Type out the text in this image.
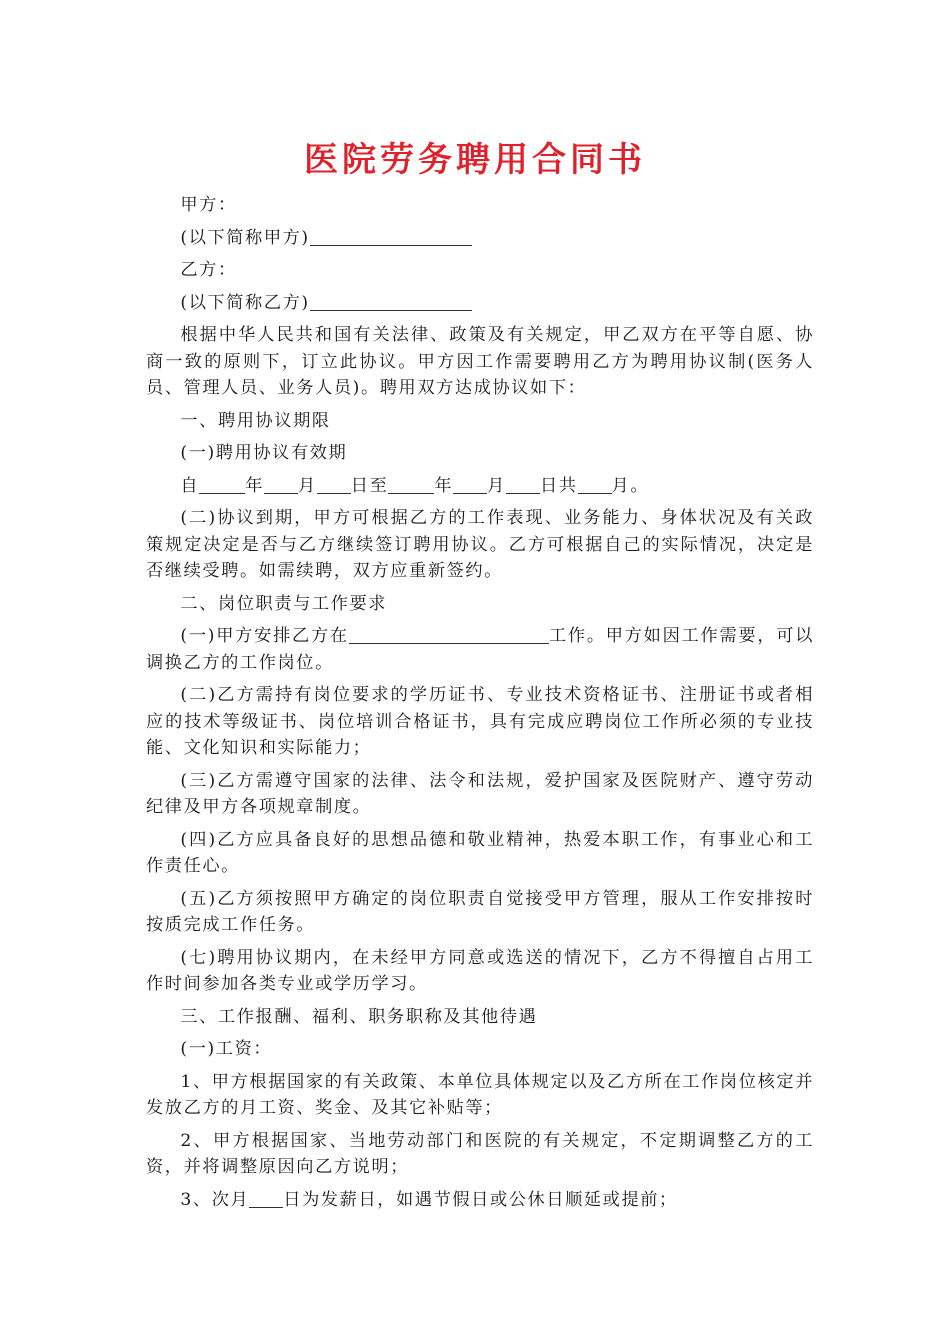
医院劳务聘用合同书

甲方：

(以下简称甲方)

乙方：

(以下简称乙方)

根据中华人民共和国有关法律、政策及有关规定，甲乙双方在平等自愿、协商一致的原则下，订立此协议。甲方因工作需要聘用乙方为聘用协议制(医务人员、管理人员、业务人员)。聘用双方达成协议如下：

一、聘用协议期限

(一)聘用协议有效期

自	年 月 日至	年 月 日共 月。

(二)协议到期，甲方可根据乙方的工作表现、业务能力、身体状况及有关政策规定决定是否与乙方继续签订聘用协议。乙方可根据自己的实际情况，决定是否继续受聘。如需续聘，双方应重新签约。

二、岗位职责与工作要求

(一)甲方安排乙方在	工作。甲方如因工作需要，可以调换乙方的工作岗位。

(二)乙方需持有岗位要求的学历证书、专业技术资格证书、注册证书或者相应的技术等级证书、岗位培训合格证书，具有完成应聘岗位工作所必须的专业技能、文化知识和实际能力；

(三)乙方需遵守国家的法律、法令和法规，爱护国家及医院财产、遵守劳动纪律及甲方各项规章制度。

(四)乙方应具备良好的思想品德和敬业精神，热爱本职工作，有事业心和工作责任心。

(五)乙方须按照甲方确定的岗位职责自觉接受甲方管理，服从工作安排按时按质完成工作任务。

(七)聘用协议期内，在未经甲方同意或选送的情况下，乙方不得擅自占用工作时间参加各类专业或学历学习。

三、工作报酬、福利、职务职称及其他待遇

(一)工资：

1、甲方根据国家的有关政策、本单位具体规定以及乙方所在工作岗位核定并发放乙方的月工资、奖金、及其它补贴等；

2、甲方根据国家、当地劳动部门和医院的有关规定，不定期调整乙方的工资，并将调整原因向乙方说明；

3、次月 日为发薪日，如遇节假日或公休日顺延或提前；
